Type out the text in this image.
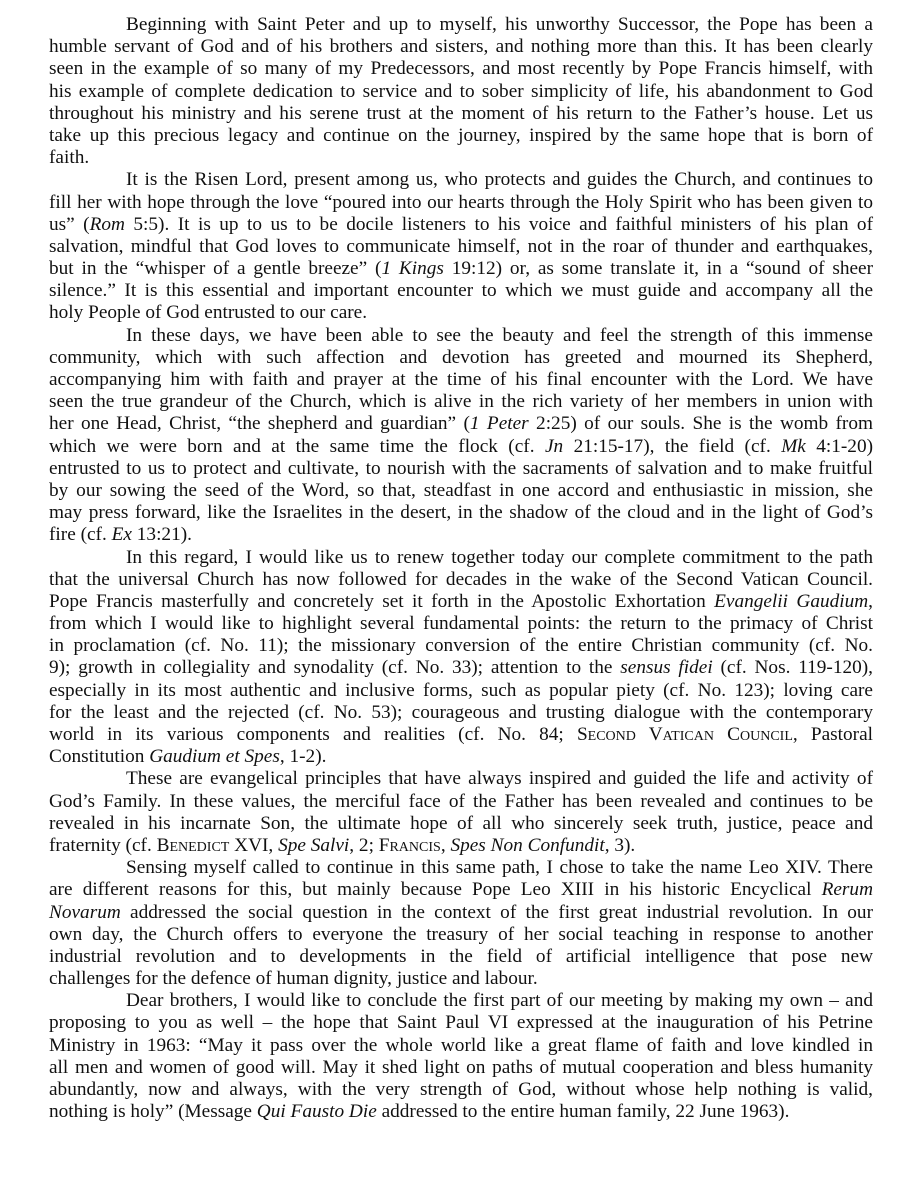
Beginning with Saint Peter and up to myself, his unworthy Successor, the Pope has been a
humble servant of God and of his brothers and sisters, and nothing more than this. It has been clearly
seen in the example of so many of my Predecessors, and most recently by Pope Francis himself, with
his example of complete dedication to service and to sober simplicity of life, his abandonment to God
throughout his ministry and his serene trust at the moment of his return to the Father’s house. Let us
take up this precious legacy and continue on the journey, inspired by the same hope that is born of
faith.
It is the Risen Lord, present among us, who protects and guides the Church, and continues to
fill her with hope through the love “poured into our hearts through the Holy Spirit who has been given to
us” (Rom 5:5). It is up to us to be docile listeners to his voice and faithful ministers of his plan of
salvation, mindful that God loves to communicate himself, not in the roar of thunder and earthquakes,
but in the “whisper of a gentle breeze” (1 Kings 19:12) or, as some translate it, in a “sound of sheer
silence.” It is this essential and important encounter to which we must guide and accompany all the
holy People of God entrusted to our care.
In these days, we have been able to see the beauty and feel the strength of this immense
community, which with such affection and devotion has greeted and mourned its Shepherd,
accompanying him with faith and prayer at the time of his final encounter with the Lord. We have
seen the true grandeur of the Church, which is alive in the rich variety of her members in union with
her one Head, Christ, “the shepherd and guardian” (1 Peter 2:25) of our souls. She is the womb from
which we were born and at the same time the flock (cf. Jn 21:15-17), the field (cf. Mk 4:1-20)
entrusted to us to protect and cultivate, to nourish with the sacraments of salvation and to make fruitful
by our sowing the seed of the Word, so that, steadfast in one accord and enthusiastic in mission, she
may press forward, like the Israelites in the desert, in the shadow of the cloud and in the light of God’s
fire (cf. Ex 13:21).
In this regard, I would like us to renew together today our complete commitment to the path
that the universal Church has now followed for decades in the wake of the Second Vatican Council.
Pope Francis masterfully and concretely set it forth in the Apostolic Exhortation Evangelii Gaudium,
from which I would like to highlight several fundamental points: the return to the primacy of Christ
in proclamation (cf. No. 11); the missionary conversion of the entire Christian community (cf. No.
9); growth in collegiality and synodality (cf. No. 33); attention to the sensus fidei (cf. Nos. 119-120),
especially in its most authentic and inclusive forms, such as popular piety (cf. No. 123); loving care
for the least and the rejected (cf. No. 53); courageous and trusting dialogue with the contemporary
world in its various components and realities (cf. No. 84; Second Vatican Council, Pastoral
Constitution Gaudium et Spes, 1-2).
These are evangelical principles that have always inspired and guided the life and activity of
God’s Family. In these values, the merciful face of the Father has been revealed and continues to be
revealed in his incarnate Son, the ultimate hope of all who sincerely seek truth, justice, peace and
fraternity (cf. Benedict XVI, Spe Salvi, 2; Francis, Spes Non Confundit, 3).
Sensing myself called to continue in this same path, I chose to take the name Leo XIV. There
are different reasons for this, but mainly because Pope Leo XIII in his historic Encyclical Rerum
Novarum addressed the social question in the context of the first great industrial revolution. In our
own day, the Church offers to everyone the treasury of her social teaching in response to another
industrial revolution and to developments in the field of artificial intelligence that pose new
challenges for the defence of human dignity, justice and labour.
Dear brothers, I would like to conclude the first part of our meeting by making my own – and
proposing to you as well – the hope that Saint Paul VI expressed at the inauguration of his Petrine
Ministry in 1963: “May it pass over the whole world like a great flame of faith and love kindled in
all men and women of good will. May it shed light on paths of mutual cooperation and bless humanity
abundantly, now and always, with the very strength of God, without whose help nothing is valid,
nothing is holy” (Message Qui Fausto Die addressed to the entire human family, 22 June 1963).
